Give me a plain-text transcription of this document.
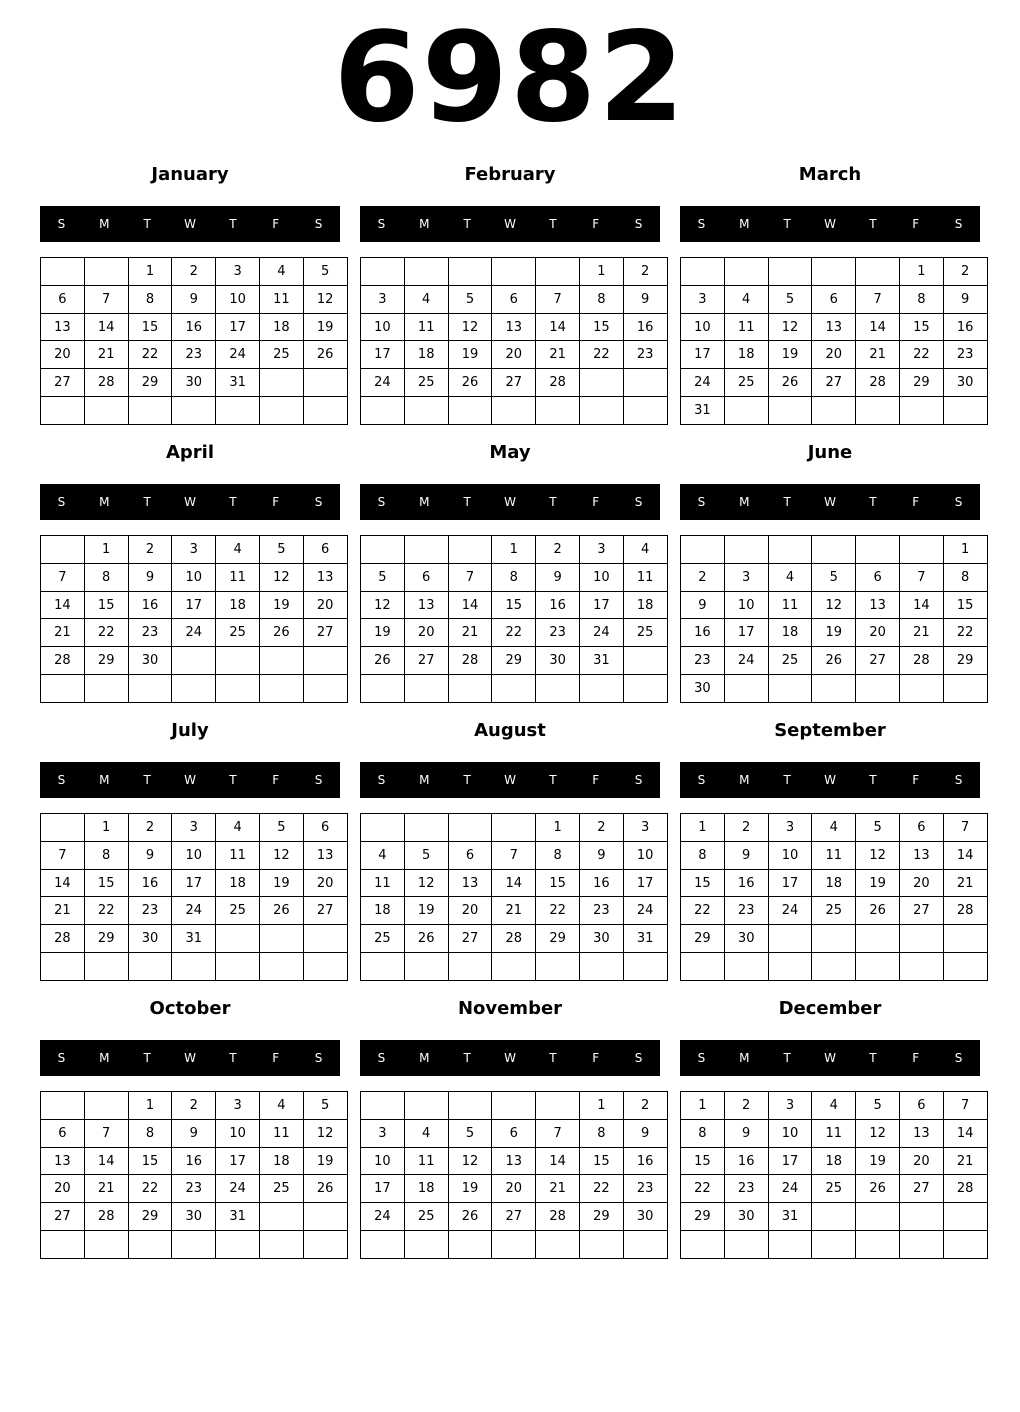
6982
January
S	M	T	W	T	F	S
		1	2	3	4	5
6	7	8	9	10	11	12
13	14	15	16	17	18	19
20	21	22	23	24	25	26
27	28	29	30	31		

February
S	M	T	W	T	F	S
					1	2
3	4	5	6	7	8	9
10	11	12	13	14	15	16
17	18	19	20	21	22	23
24	25	26	27	28		

March
S	M	T	W	T	F	S
					1	2
3	4	5	6	7	8	9
10	11	12	13	14	15	16
17	18	19	20	21	22	23
24	25	26	27	28	29	30
31						
April
S	M	T	W	T	F	S
	1	2	3	4	5	6
7	8	9	10	11	12	13
14	15	16	17	18	19	20
21	22	23	24	25	26	27
28	29	30				

May
S	M	T	W	T	F	S
			1	2	3	4
5	6	7	8	9	10	11
12	13	14	15	16	17	18
19	20	21	22	23	24	25
26	27	28	29	30	31	

June
S	M	T	W	T	F	S
						1
2	3	4	5	6	7	8
9	10	11	12	13	14	15
16	17	18	19	20	21	22
23	24	25	26	27	28	29
30						
July
S	M	T	W	T	F	S
	1	2	3	4	5	6
7	8	9	10	11	12	13
14	15	16	17	18	19	20
21	22	23	24	25	26	27
28	29	30	31			

August
S	M	T	W	T	F	S
				1	2	3
4	5	6	7	8	9	10
11	12	13	14	15	16	17
18	19	20	21	22	23	24
25	26	27	28	29	30	31

September
S	M	T	W	T	F	S
1	2	3	4	5	6	7
8	9	10	11	12	13	14
15	16	17	18	19	20	21
22	23	24	25	26	27	28
29	30					

October
S	M	T	W	T	F	S
		1	2	3	4	5
6	7	8	9	10	11	12
13	14	15	16	17	18	19
20	21	22	23	24	25	26
27	28	29	30	31		

November
S	M	T	W	T	F	S
					1	2
3	4	5	6	7	8	9
10	11	12	13	14	15	16
17	18	19	20	21	22	23
24	25	26	27	28	29	30

December
S	M	T	W	T	F	S
1	2	3	4	5	6	7
8	9	10	11	12	13	14
15	16	17	18	19	20	21
22	23	24	25	26	27	28
29	30	31				
